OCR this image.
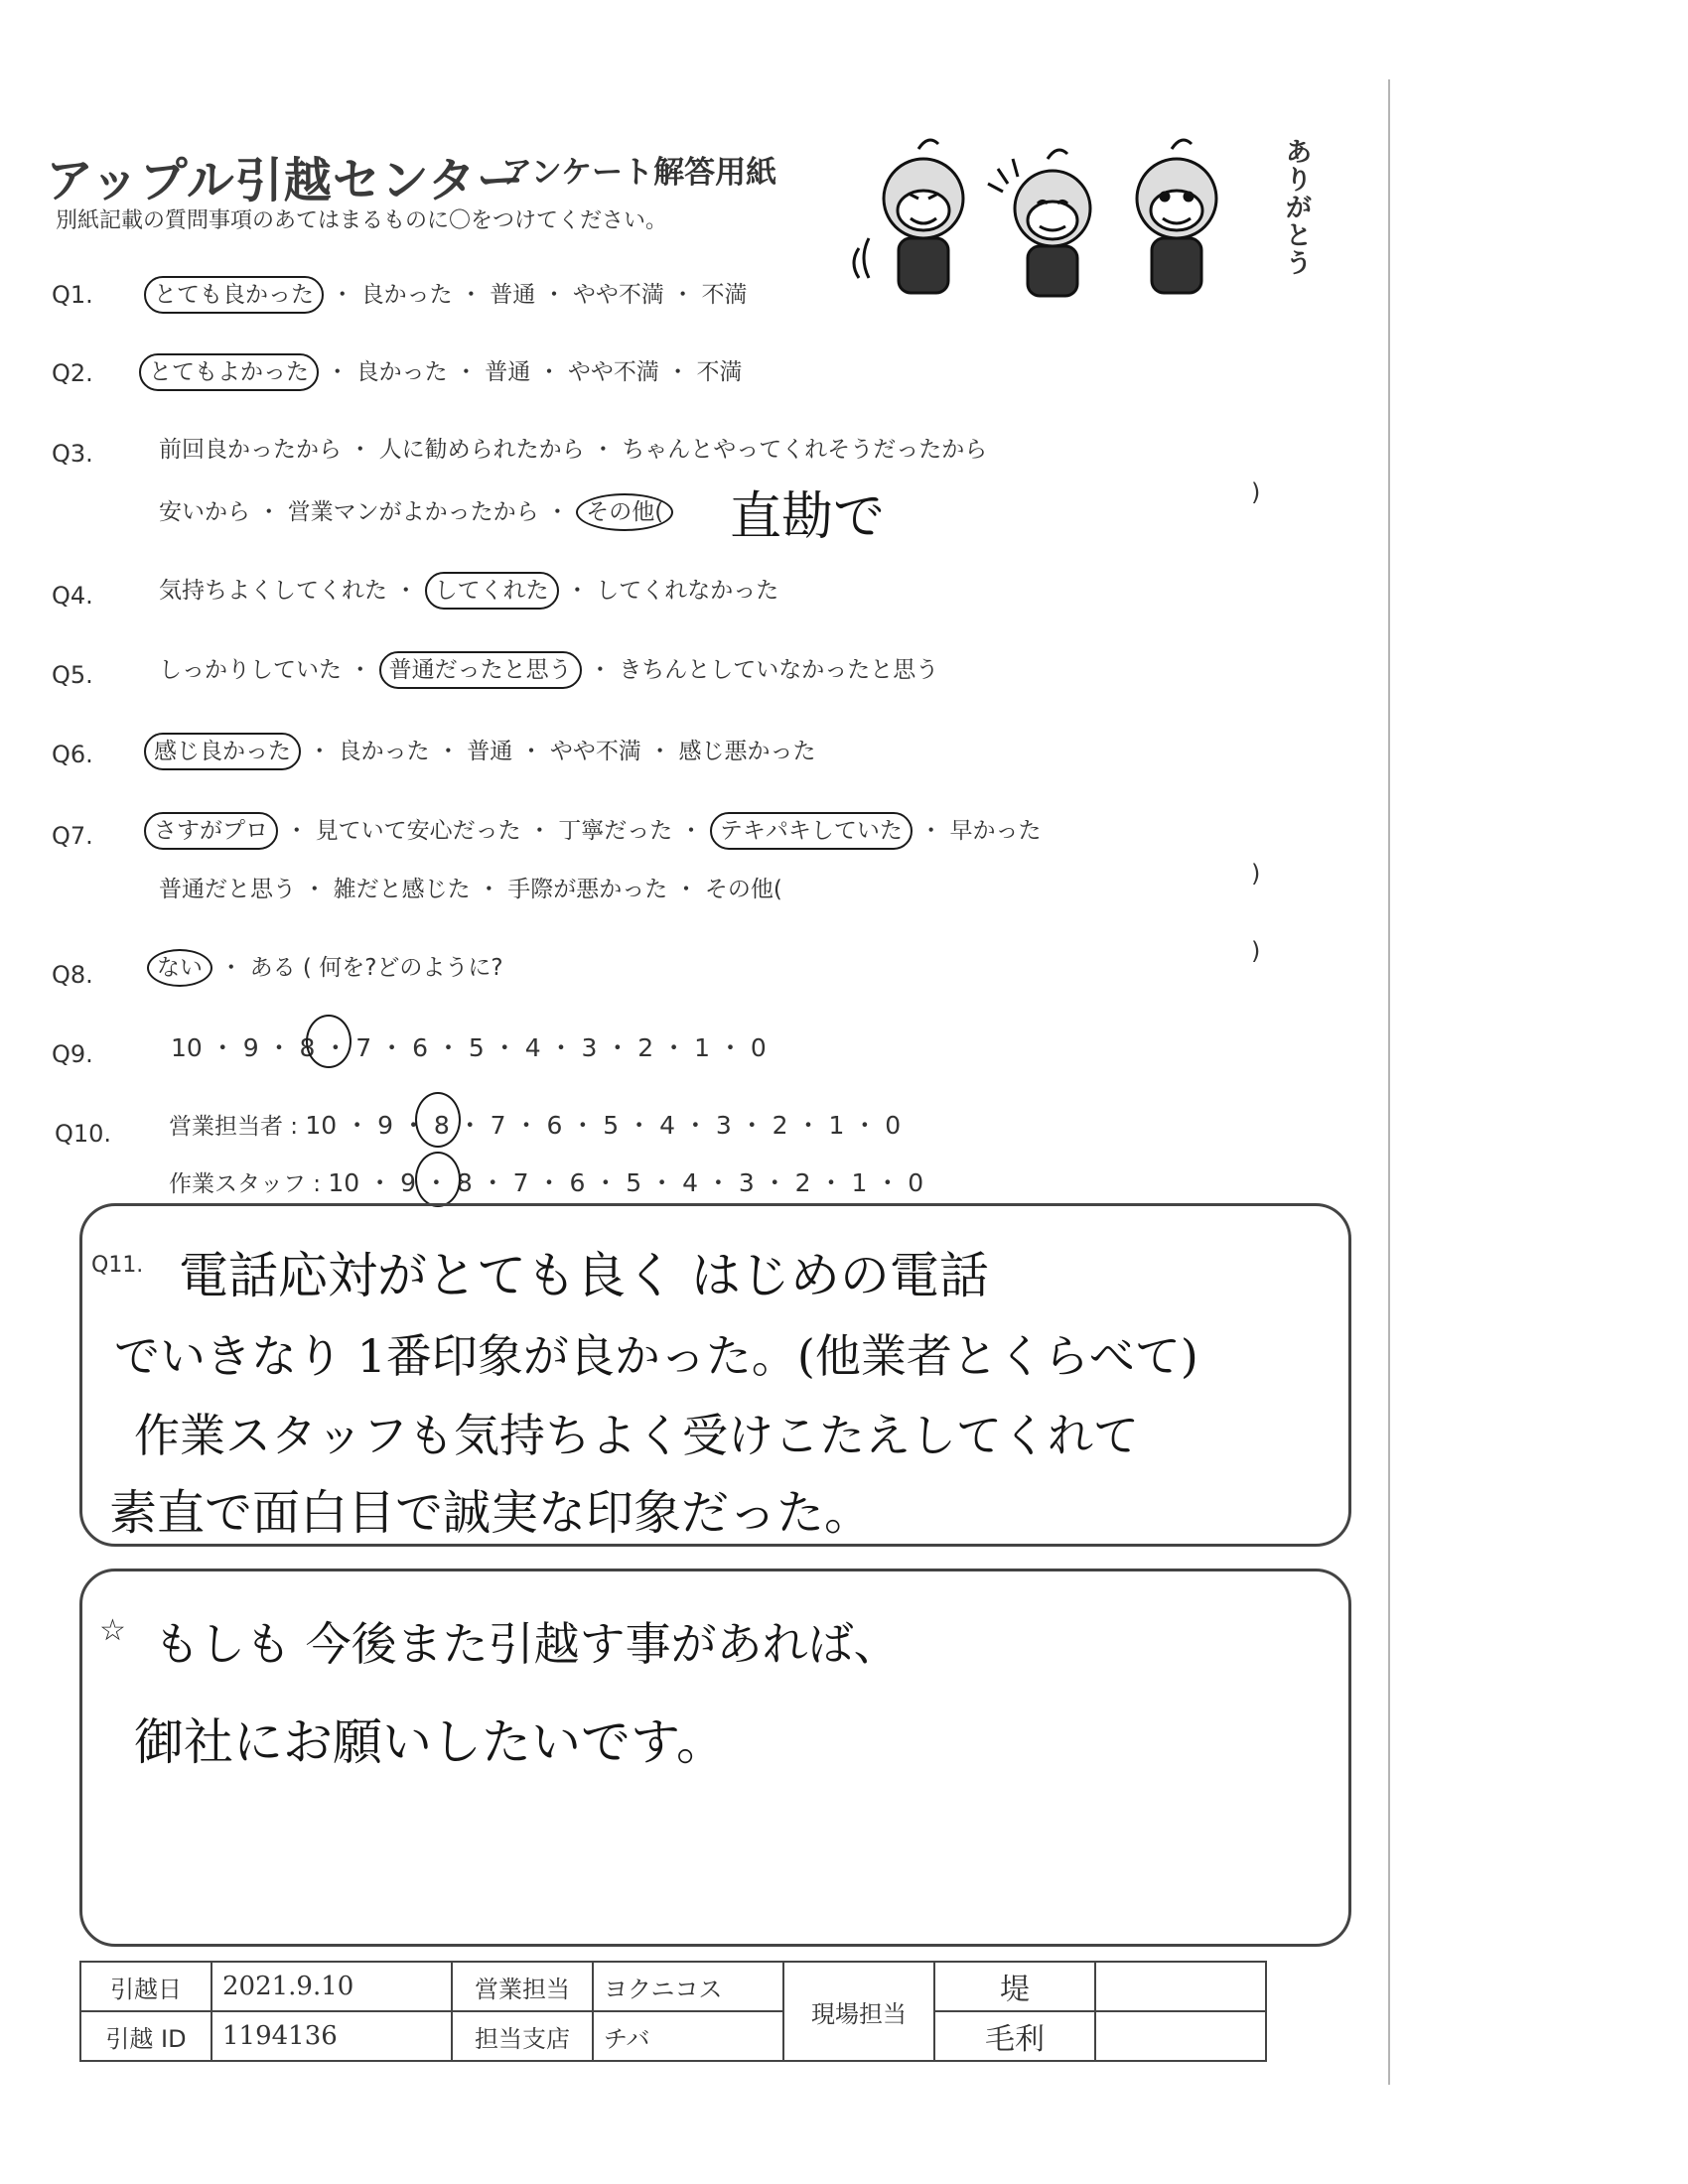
アップル引越センター
アンケート解答用紙
別紙記載の質問事項のあてはまるものに〇をつけてください。
ありがとう
Q1.	とても良かった ・ 良かった ・ 普通 ・ やや不満 ・ 不満
Q2.	とてもよかった ・ 良かった ・ 普通 ・ やや不満 ・ 不満
Q3.	前回良かったから ・ 人に勧められたから ・ ちゃんとやってくれそうだったから
安いから ・ 営業マンがよかったから ・ その他( 直勘で	)
Q4.	気持ちよくしてくれた ・ してくれた ・ してくれなかった
Q5.	しっかりしていた ・ 普通だったと思う ・ きちんとしていなかったと思う
Q6.	感じ良かった ・ 良かった ・ 普通 ・ やや不満 ・ 感じ悪かった
Q7.	さすがプロ ・ 見ていて安心だった ・ 丁寧だった ・ テキパキしていた ・ 早かった
普通だと思う ・ 雑だと感じた ・ 手際が悪かった ・ その他(
)
Q8.	ない ・ ある ( 何を?どのように?
)
Q9.	10 ・ 9 ・ 8 ・ 7 ・ 6 ・ 5 ・ 4 ・ 3 ・ 2 ・ 1 ・ 0
Q10.	営業担当者 : 10 ・ 9 ・ 8 ・ 7 ・ 6 ・ 5 ・ 4 ・ 3 ・ 2 ・ 1 ・ 0
作業スタッフ : 10 ・ 9 ・ 8 ・ 7 ・ 6 ・ 5 ・ 4 ・ 3 ・ 2 ・ 1 ・ 0
Q11. 電話応対がとても良く はじめの電話
でいきなり 1番印象が良かった。(他業者とくらべて)
作業スタッフも気持ちよく受けこたえしてくれて
素直で面白目で誠実な印象だった。
☆ もしも 今後また引越す事があれば、
御社にお願いしたいです。
引越日	2021.9.10	営業担当	ヨクニコス	現場担当	堤	
引越 ID	1194136	担当支店	チバ		毛利	
